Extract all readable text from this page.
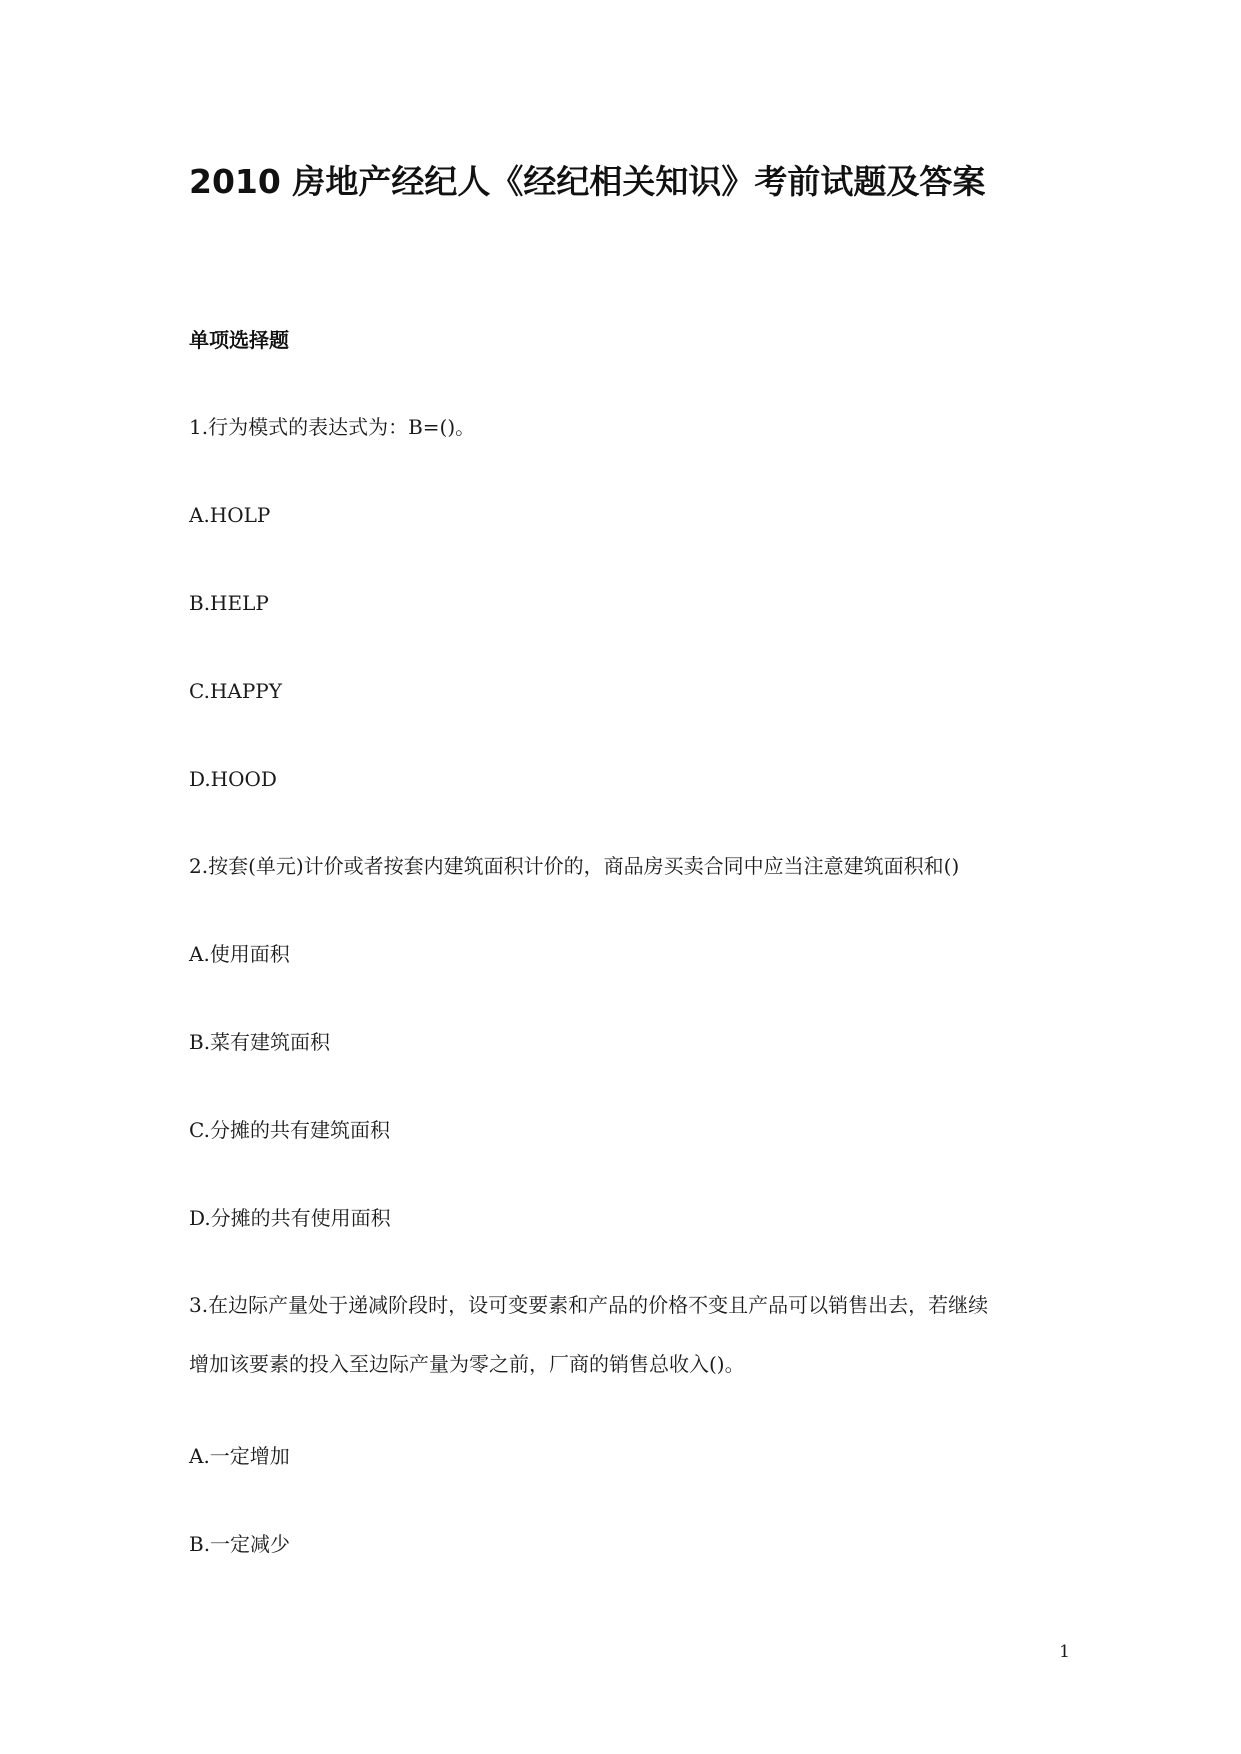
2010 房地产经纪人《经纪相关知识》考前试题及答案
单项选择题

1.行为模式的表达式为：B=()。

A.HOLP

B.HELP

C.HAPPY

D.HOOD

2.按套(单元)计价或者按套内建筑面积计价的，商品房买卖合同中应当注意建筑面积和()

A.使用面积

B.菜有建筑面积

C.分摊的共有建筑面积

D.分摊的共有使用面积

3.在边际产量处于递减阶段时，设可变要素和产品的价格不变且产品可以销售出去，若继续

增加该要素的投入至边际产量为零之前，厂商的销售总收入()。

A.一定增加

B.一定减少

1
